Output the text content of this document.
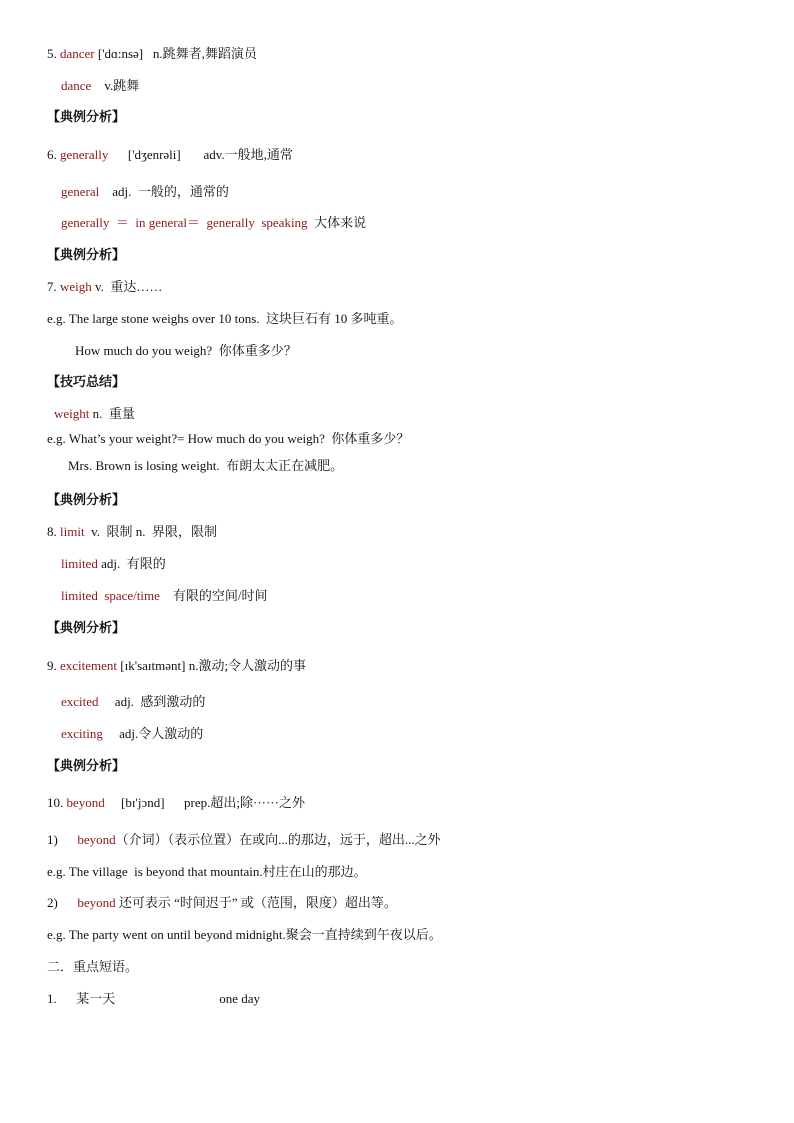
5. dancer ['dɑ:nsə]   n.跳舞者,舞蹈演员
dance    v.跳舞
【典例分析】
6. generally      ['dʒenrəli]       adv.一般地,通常
general    adj.  一般的，通常的
generally  ＝  in general＝  generally  speaking  大体来说
【典例分析】
7. weigh v.  重达……
e.g. The large stone weighs over 10 tons.  这块巨石有 10 多吨重。
How much do you weigh?  你体重多少？
【技巧总结】
weight n.  重量
e.g. What’s your weight?= How much do you weigh?  你体重多少？
Mrs. Brown is losing weight.  布朗太太正在减肥。
【典例分析】
8. limit  v.  限制 n.  界限，限制
limited adj.  有限的
limited  space/time    有限的空间/时间
【典例分析】
9. excitement [ɪk'saɪtmənt] n.激动;令人激动的事
excited     adj.  感到激动的
exciting     adj.令人激动的
【典例分析】
10. beyond     [bɪ'jɔnd]      prep.超出;除······之外
1)      beyond（介词）（表示位置）在或向...的那边，远于，超出...之外
e.g. The village  is beyond that mountain.村庄在山的那边。
2)      beyond 还可表示 “时间迟于” 或（范围，限度）超出等。
e.g. The party went on until beyond midnight.聚会一直持续到午夜以后。
二．重点短语。
1.      某一天                                one day
